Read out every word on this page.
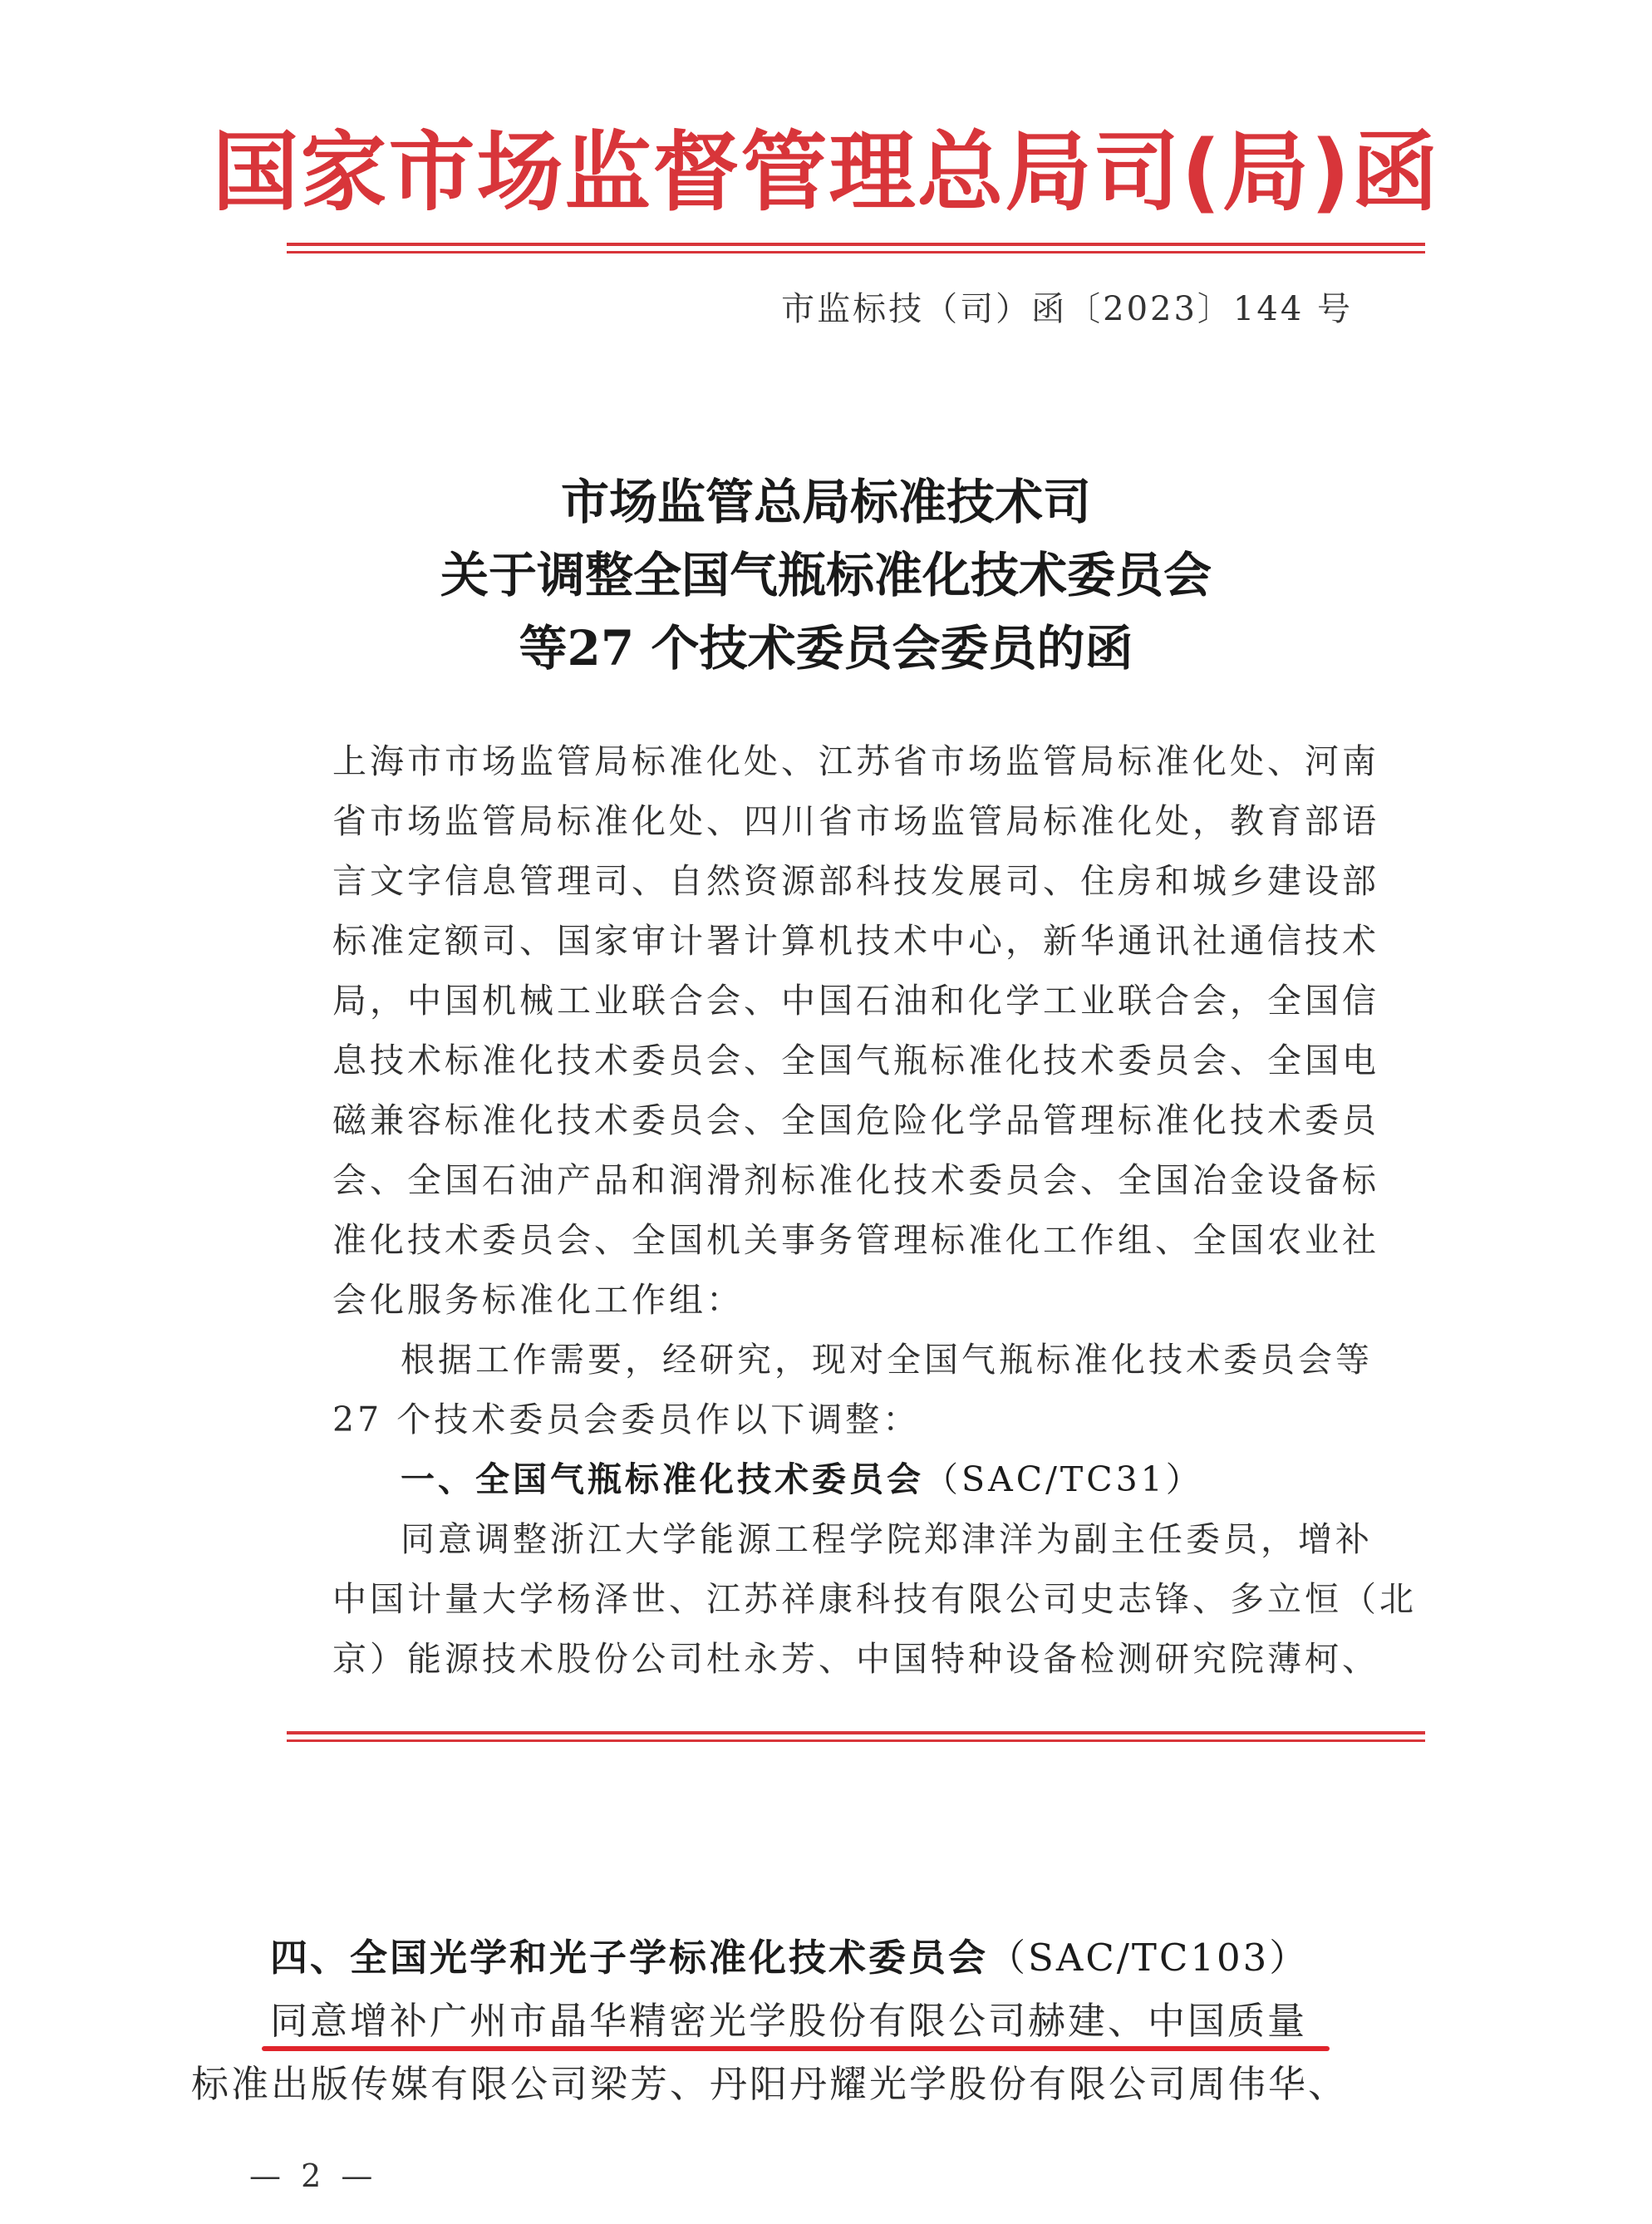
国家市场监督管理总局司(局)函
市监标技（司）函〔2023〕144 号
市场监管总局标准技术司
关于调整全国气瓶标准化技术委员会
等27 个技术委员会委员的函
上海市市场监管局标准化处、江苏省市场监管局标准化处、河南
省市场监管局标准化处、四川省市场监管局标准化处，教育部语
言文字信息管理司、自然资源部科技发展司、住房和城乡建设部
标准定额司、国家审计署计算机技术中心，新华通讯社通信技术
局，中国机械工业联合会、中国石油和化学工业联合会，全国信
息技术标准化技术委员会、全国气瓶标准化技术委员会、全国电
磁兼容标准化技术委员会、全国危险化学品管理标准化技术委员
会、全国石油产品和润滑剂标准化技术委员会、全国冶金设备标
准化技术委员会、全国机关事务管理标准化工作组、全国农业社
会化服务标准化工作组：
根据工作需要，经研究，现对全国气瓶标准化技术委员会等
27 个技术委员会委员作以下调整：
一、全国气瓶标准化技术委员会（SAC/TC31）
同意调整浙江大学能源工程学院郑津洋为副主任委员，增补
中国计量大学杨泽世、江苏祥康科技有限公司史志锋、多立恒（北
京）能源技术股份公司杜永芳、中国特种设备检测研究院薄柯、
四、全国光学和光子学标准化技术委员会（SAC/TC103）
同意增补广州市晶华精密光学股份有限公司赫建、中国质量
标准出版传媒有限公司梁芳、丹阳丹耀光学股份有限公司周伟华、
— 2 —
